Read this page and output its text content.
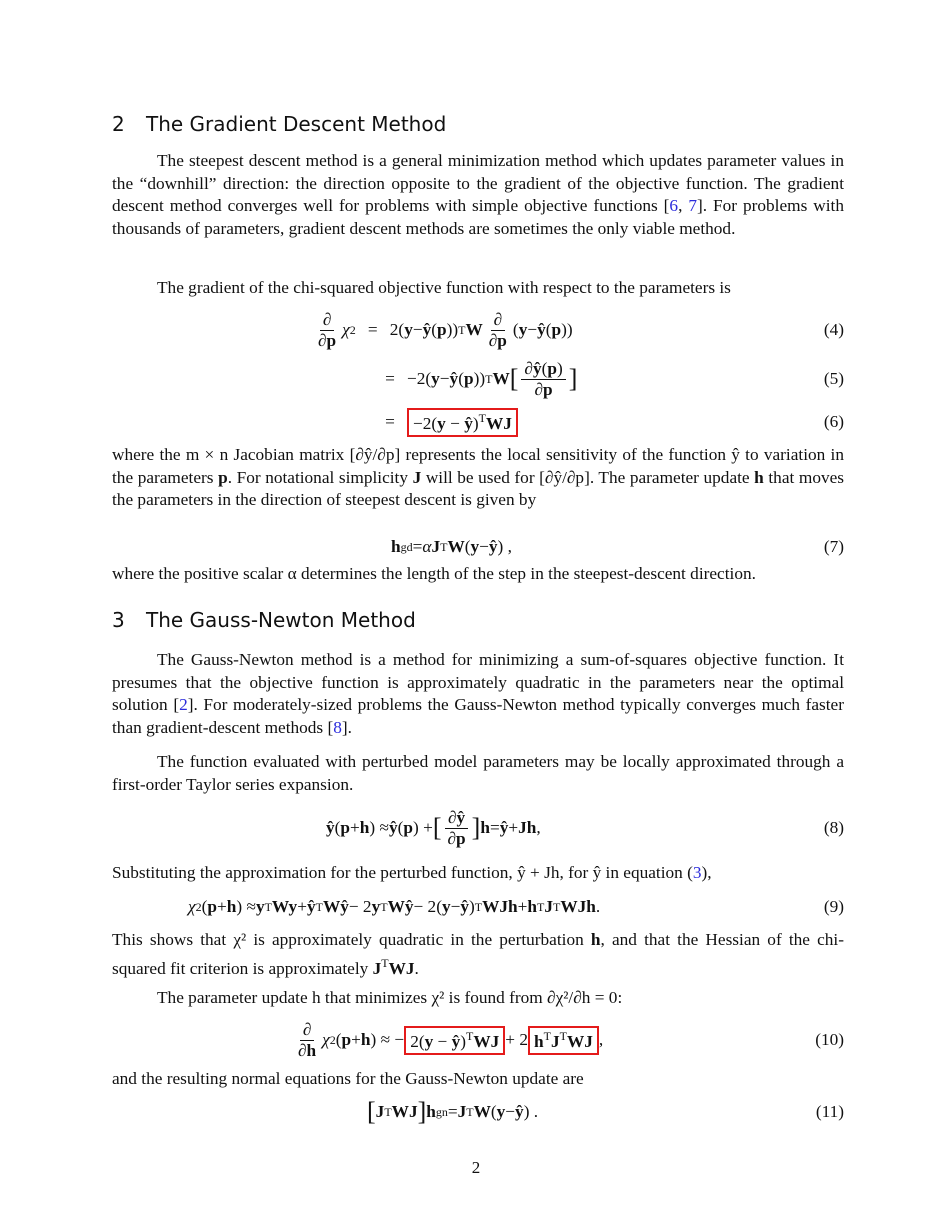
2 The Gradient Descent Method

The steepest descent method is a general minimization method which updates parameter values in the “downhill” direction: the direction opposite to the gradient of the objective function. The gradient descent method converges well for problems with simple objective functions [6, 7]. For problems with thousands of parameters, gradient descent methods are sometimes the only viable method.

The gradient of the chi-squared objective function with respect to the parameters is

$\frac{\partial}{\partial p}$ χ 2 = 2( y − ŷ ( p )) T W $\frac{\partial}{\partial p}$ ( y − ŷ ( p ))	(4)
= −2( y − ŷ ( p )) T W [ $\frac{\partial ŷ(p)}{\partial p}$ ]	(5)
=	−2(y − ŷ)$^T$WJ	(6)

where the m × n Jacobian matrix [∂ŷ/∂p] represents the local sensitivity of the function ŷ to variation in the parameters p. For notational simplicity J will be used for [∂ŷ/∂p]. The parameter update h that moves the parameters in the direction of steepest descent is given by

h gd = α J T W ( y − ŷ ) ,	(7)

where the positive scalar α determines the length of the step in the steepest-descent direction.

3 The Gauss-Newton Method

The Gauss-Newton method is a method for minimizing a sum-of-squares objective function. It presumes that the objective function is approximately quadratic in the parameters near the optimal solution [2]. For moderately-sized problems the Gauss-Newton method typically converges much faster than gradient-descent methods [8].

The function evaluated with perturbed model parameters may be locally approximated through a first-order Taylor series expansion.

ŷ ( p + h ) ≈ ŷ ( p ) + [ $\frac{\partial ŷ}{\partial p}$ ] h = ŷ + Jh ,	(8)

Substituting the approximation for the perturbed function, ŷ + Jh, for ŷ in equation (3),

χ 2 ( p + h ) ≈ y T Wy + ŷ T Wŷ − 2 y T Wŷ − 2( y − ŷ ) T WJh + h T J T WJh .	(9)

This shows that χ² is approximately quadratic in the perturbation h, and that the Hessian of the chi-squared fit criterion is approximately $J^TWJ$.

The parameter update h that minimizes χ² is found from ∂χ²/∂h = 0:

$\frac{\partial}{\partial h}$ χ 2 ( p + h ) ≈ − 2(y − ŷ)$^T$WJ + 2 $h^TJ^TWJ$ ,	(10)

and the resulting normal equations for the Gauss-Newton update are

[ J T WJ ] h gn = J T W ( y − ŷ ) .	(11)
2
